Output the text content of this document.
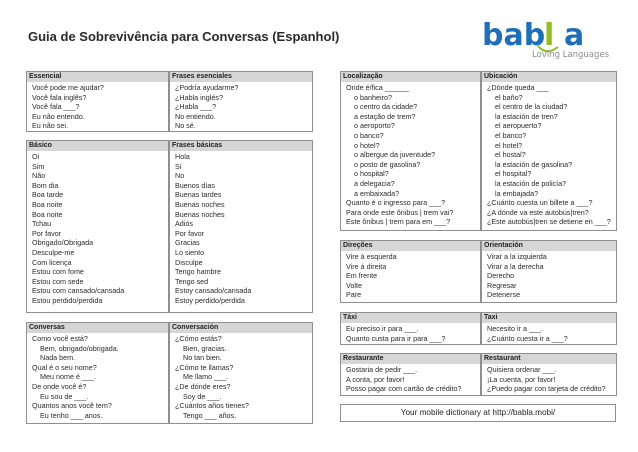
Guia de Sobrevivência para Conversas (Espanhol)	bab
l a
Loving Languages
Essencial
Você pode me ajudar?
Você fala inglês?
Você fala ___?
Eu não entendo.
Eu não sei.
Frases esenciales
¿Podría ayudarme?
¿Habla inglés?
¿Habla ___?
No entiendo.
No sé.
Básico
Oi
Sim
Não
Bom dia
Boa tarde
Boa noite
Boa noite
Tchau
Por favor
Obrigado/Obrigada
Desculpe-me
Com licença
Estou com fome
Estou com sede
Estou com cansado/cansada
Estou perdido/perdida
Frases básicas
Hola
Sí
No
Buenos días
Buenas tardes
Buenas noches
Buenas noches
Adiós
Por favor
Gracias
Lo siento
Disculpe
Tengo hambre
Tengo sed
Estoy cansado/cansada
Estoy perdido/perdida
Conversas
Como você está?
Bem, obrigado/obrigada.
Nada bem.
Qual é o seu nome?
Meu nome é ___.
De onde você é?
Eu sou de ___.
Quantos anos você tem?
Eu tenho ___ anos.
Conversación
¿Cómo estás?
Bien, gracias.
No tan bien.
¿Cómo te llamas?
Me llamo ___.
¿De dónde eres?
Soy de ___.
¿Cuántos años tienes?
Tengo ___ años.
Localização
Onde é/fica ______
o banheiro?
o centro da cidade?
a estação de trem?
o aeroporto?
o banco?
o hotel?
o albergue da juventude?
o posto de gasolina?
o hospital?
a delegacia?
a embaixada?
Quanto é o ingresso para ___?
Para onde este ônibus | trem vai?
Este ônibus | trem para em ___?
Ubicación
¿Dónde queda ___
el baño?
el centro de la ciudad?
la estación de tren?
el aeropuerto?
el banco?
el hotel?
el hostal?
la estación de gasolina?
el hospital?
la estación de policía?
la embajada?
¿Cuánto cuesta un billete a ___?
¿A dónde va este autobús|tren?
¿Este autobús|tren se detiene en ___?
Direções
Vire à esquerda
Vire à direita
Em frente
Volte
Pare
Orientación
Virar a la izquierda
Virar a la derecha
Derecho
Regresar
Detenerse
Táxi
Eu preciso ir para ___.
Quanto custa para ir para ___?
Taxi
Necesito ir a ___.
¿Cuánto cuesta ir a ___?
Restaurante
Gostaria de pedir ___.
A conta, por favor!
Posso pagar com cartão de crédito?
Restaurant
Quisiera ordenar ___.
¡La cuenta, por favor!
¿Puedo pagar con tarjeta de crédito?
Your mobile dictionary at http://babla.mobi/
